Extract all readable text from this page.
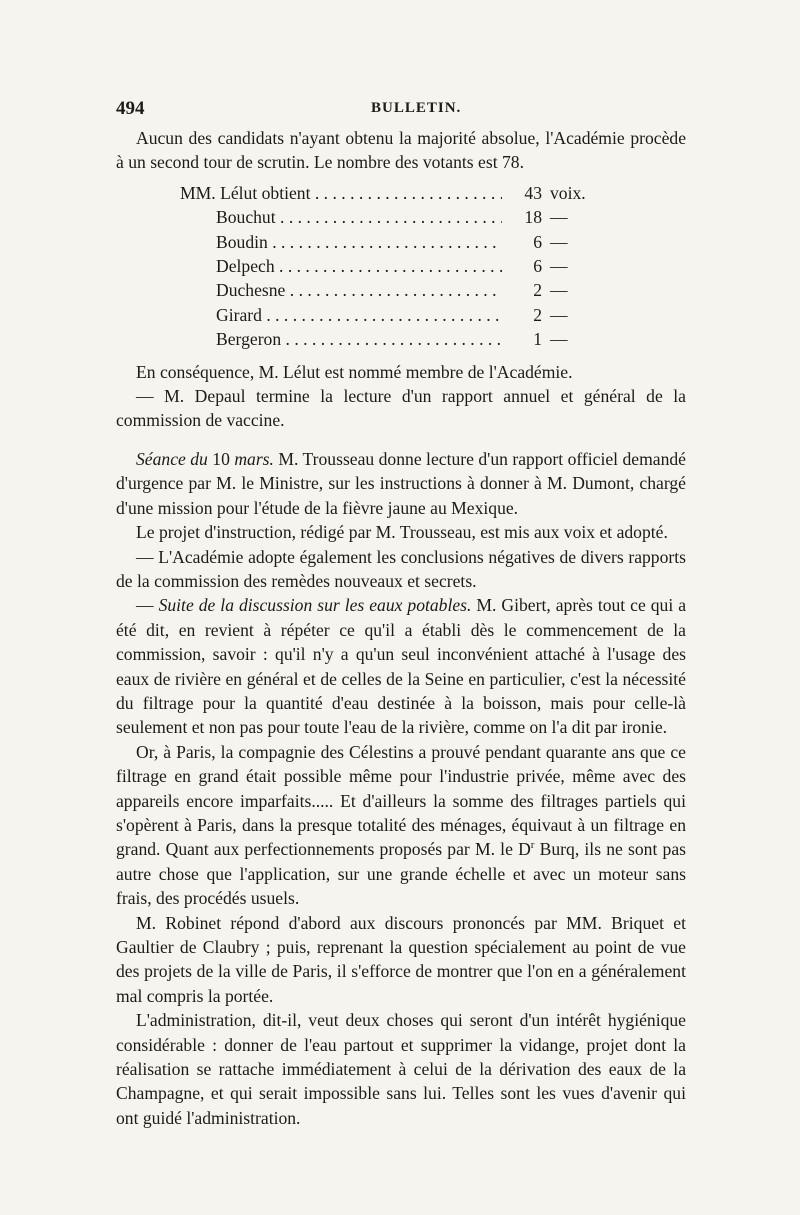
494	BULLETIN.

Aucun des candidats n'ayant obtenu la majorité absolue, l'Académie procède à un second tour de scrutin. Le nombre des votants est 78.

MM. Lélut obtient . . .	43 voix.
Bouchut . . .	18 —
Boudin . . .	6 —
Delpech . . .	6 —
Duchesne . . .	2 —
Girard . . .	2 —
Bergeron . . .	1 —

En conséquence, M. Lélut est nommé membre de l'Académie.

— M. Depaul termine la lecture d'un rapport annuel et général de la commission de vaccine.

Séance du 10 mars. M. Trousseau donne lecture d'un rapport officiel demandé d'urgence par M. le Ministre, sur les instructions à donner à M. Dumont, chargé d'une mission pour l'étude de la fièvre jaune au Mexique.

Le projet d'instruction, rédigé par M. Trousseau, est mis aux voix et adopté.

— L'Académie adopte également les conclusions négatives de divers rapports de la commission des remèdes nouveaux et secrets.

— Suite de la discussion sur les eaux potables. M. Gibert, après tout ce qui a été dit, en revient à répéter ce qu'il a établi dès le commencement de la commission, savoir : qu'il n'y a qu'un seul inconvénient attaché à l'usage des eaux de rivière en général et de celles de la Seine en particulier, c'est la nécessité du filtrage pour la quantité d'eau destinée à la boisson, mais pour celle-là seulement et non pas pour toute l'eau de la rivière, comme on l'a dit par ironie.

Or, à Paris, la compagnie des Célestins a prouvé pendant quarante ans que ce filtrage en grand était possible même pour l'industrie privée, même avec des appareils encore imparfaits..... Et d'ailleurs la somme des filtrages partiels qui s'opèrent à Paris, dans la presque totalité des ménages, équivaut à un filtrage en grand. Quant aux perfectionnements proposés par M. le $D^r$ Burq, ils ne sont pas autre chose que l'application, sur une grande échelle et avec un moteur sans frais, des procédés usuels.

M. Robinet répond d'abord aux discours prononcés par MM. Briquet et Gaultier de Claubry ; puis, reprenant la question spécialement au point de vue des projets de la ville de Paris, il s'efforce de montrer que l'on en a généralement mal compris la portée.

L'administration, dit-il, veut deux choses qui seront d'un intérêt hygiénique considérable : donner de l'eau partout et supprimer la vidange, projet dont la réalisation se rattache immédiatement à celui de la dérivation des eaux de la Champagne, et qui serait impossible sans lui. Telles sont les vues d'avenir qui ont guidé l'administration.
